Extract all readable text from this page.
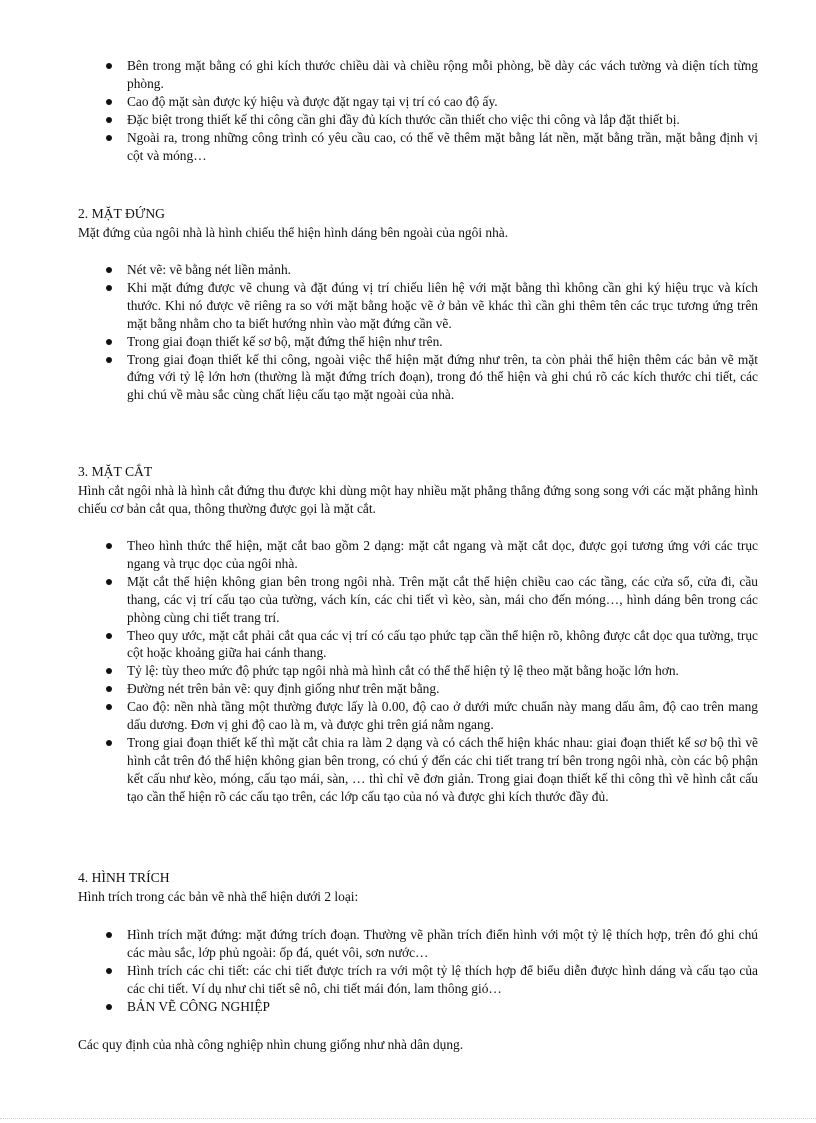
Bên trong mặt bằng có ghi kích thước chiều dài và chiều rộng mỗi phòng, bề dày các vách tường và diện tích từng phòng.
Cao độ mặt sàn được ký hiệu và được đặt ngay tại vị trí có cao độ ấy.
Đặc biệt trong thiết kế thi công cần ghi đầy đủ kích thước cần thiết cho việc thi công và lắp đặt thiết bị.
Ngoài ra, trong những công trình có yêu cầu cao, có thể vẽ thêm mặt bằng lát nền, mặt bằng trần, mặt bằng định vị cột và móng…
2. MẶT ĐỨNG
Mặt đứng của ngôi nhà là hình chiếu thể hiện hình dáng bên ngoài của ngôi nhà.
Nét vẽ: vẽ bằng nét liền mảnh.
Khi mặt đứng được vẽ chung và đặt đúng vị trí chiếu liên hệ với mặt bằng thì không cần ghi ký hiệu trục và kích thước. Khi nó được vẽ riêng ra so với mặt bằng hoặc vẽ ở bản vẽ khác thì cần ghi thêm tên các trục tương ứng trên mặt bằng nhằm cho ta biết hướng nhìn vào mặt đứng cần vẽ.
Trong giai đoạn thiết kế sơ bộ, mặt đứng thể hiện như trên.
Trong giai đoạn thiết kế thi công, ngoài việc thể hiện mặt đứng như trên, ta còn phải thể hiện thêm các bản vẽ mặt đứng với tỷ lệ lớn hơn (thường là mặt đứng trích đoạn), trong đó thể hiện và ghi chú rõ các kích thước chi tiết, các ghi chú về màu sắc cùng chất liệu cấu tạo mặt ngoài của nhà.
3. MẶT CẮT
Hình cắt ngôi nhà là hình cắt đứng thu được khi dùng một hay nhiều mặt phẳng thẳng đứng song song với các mặt phẳng hình chiếu cơ bản cắt qua, thông thường được gọi là mặt cắt.
Theo hình thức thể hiện, mặt cắt bao gồm 2 dạng: mặt cắt ngang và mặt cắt dọc, được gọi tương ứng với các trục ngang và trục dọc của ngôi nhà.
Mặt cắt thể hiện không gian bên trong ngôi nhà. Trên mặt cắt thể hiện chiều cao các tầng, các cửa sổ, cửa đi, cầu thang, các vị trí cấu tạo của tường, vách kín, các chi tiết vì kèo, sàn, mái cho đến móng…, hình dáng bên trong các phòng cùng chi tiết trang trí.
Theo quy ước, mặt cắt phải cắt qua các vị trí có cấu tạo phức tạp cần thể hiện rõ, không được cắt dọc qua tường, trục cột hoặc khoảng giữa hai cánh thang.
Tỷ lệ: tùy theo mức độ phức tạp ngôi nhà mà hình cắt có thể thể hiện tỷ lệ theo mặt bằng hoặc lớn hơn.
Đường nét trên bản vẽ: quy định giống như trên mặt bằng.
Cao độ: nền nhà tầng một thường được lấy là 0.00, độ cao ở dưới mức chuẩn này mang dấu âm, độ cao trên mang dấu dương. Đơn vị ghi độ cao là m, và được ghi trên giá nằm ngang.
Trong giai đoạn thiết kế thì mặt cắt chia ra làm 2 dạng và có cách thể hiện khác nhau: giai đoạn thiết kế sơ bộ thì vẽ hình cắt trên đó thể hiện không gian bên trong, có chú ý đến các chi tiết trang trí bên trong ngôi nhà, còn các bộ phận kết cấu như kèo, móng, cấu tạo mái, sàn, … thì chỉ vẽ đơn giản. Trong giai đoạn thiết kế thi công thì vẽ hình cắt cấu tạo cần thể hiện rõ các cấu tạo trên, các lớp cấu tạo của nó và được ghi kích thước đầy đủ.
4. HÌNH TRÍCH
Hình trích trong các bản vẽ nhà thể hiện dưới 2 loại:
Hình trích mặt đứng: mặt đứng trích đoạn. Thường vẽ phần trích điển hình với một tỷ lệ thích hợp, trên đó ghi chú các màu sắc, lớp phủ ngoài: ốp đá, quét vôi, sơn nước…
Hình trích các chi tiết: các chi tiết được trích ra với một tỷ lệ thích hợp để biểu diễn được hình dáng và cấu tạo của các chi tiết. Ví dụ như chi tiết sê nô, chi tiết mái đón, lam thông gió…
BẢN VẼ CÔNG NGHIỆP
Các quy định của nhà công nghiệp nhìn chung giống như nhà dân dụng.
